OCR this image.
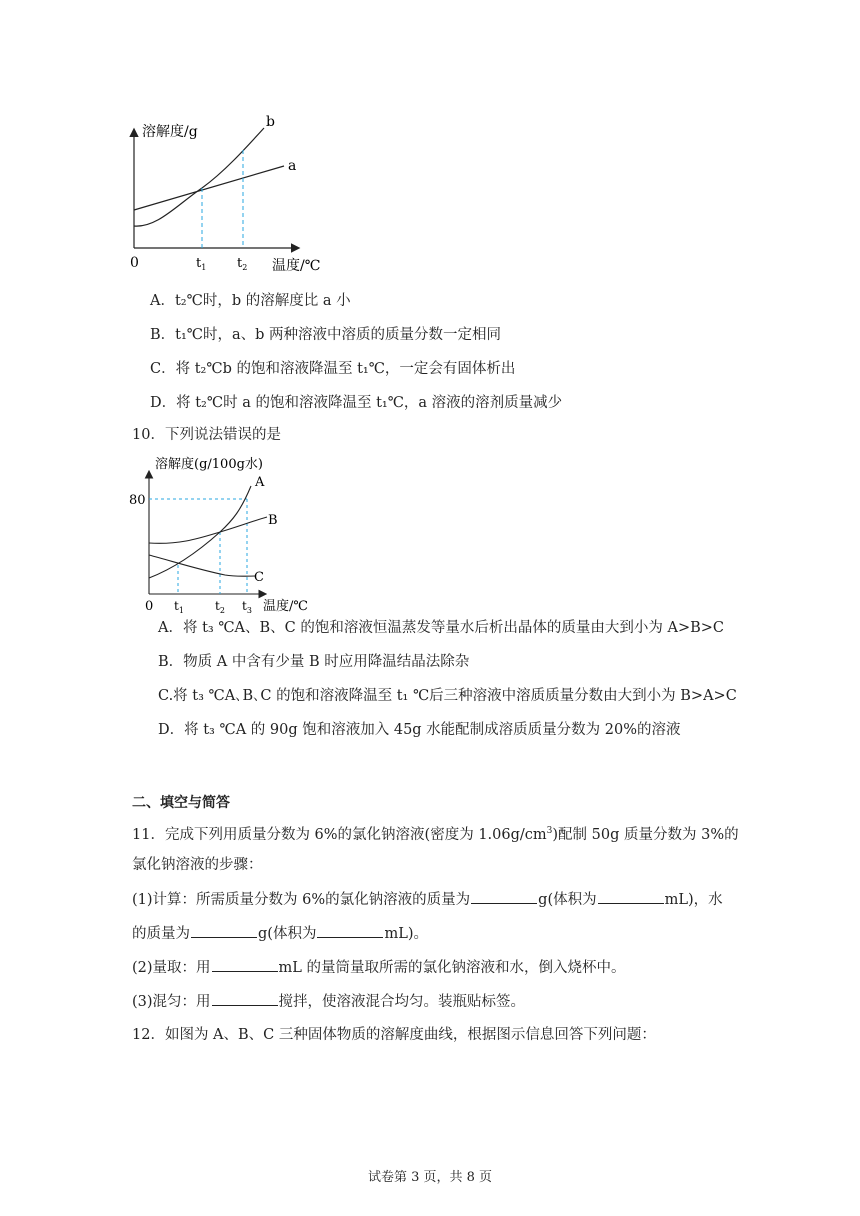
溶解度/g
b
a
0	$t_1$ $t_2$ 温度/℃
A．t₂℃时，b 的溶解度比 a 小
B．t₁℃时，a、b 两种溶液中溶质的质量分数一定相同
C．将 t₂℃b 的饱和溶液降温至 t₁℃，一定会有固体析出
D．将 t₂℃时 a 的饱和溶液降温至 t₁℃，a 溶液的溶剂质量减少
10．下列说法错误的是
溶解度(g/100g水)
80
A
B
C
0 $t_1$	$t_2$ $t_3$ 温度/℃
A．将 t₃ ℃A、B、C 的饱和溶液恒温蒸发等量水后析出晶体的质量由大到小为 A>B>C
B．物质 A 中含有少量 B 时应用降温结晶法除杂
C.将 t₃ ℃A､B､C 的饱和溶液降温至 t₁ ℃后三种溶液中溶质质量分数由大到小为 B>A>C
D．将 t₃ ℃A 的 90g 饱和溶液加入 45g 水能配制成溶质质量分数为 20%的溶液
二、填空与简答
11．完成下列用质量分数为 6%的氯化钠溶液(密度为 $1.06g/cm^3$)配制 50g 质量分数为 3%的
氯化钠溶液的步骤：
(1)计算：所需质量分数为 6%的氯化钠溶液的质量为	g(体积为	mL)，水
的质量为	g(体积为	mL)。
(2)量取：用	mL 的量筒量取所需的氯化钠溶液和水，倒入烧杯中。
(3)混匀：用	搅拌，使溶液混合均匀。装瓶贴标签。
12．如图为 A、B、C 三种固体物质的溶解度曲线，根据图示信息回答下列问题：
试卷第 3 页，共 8 页
